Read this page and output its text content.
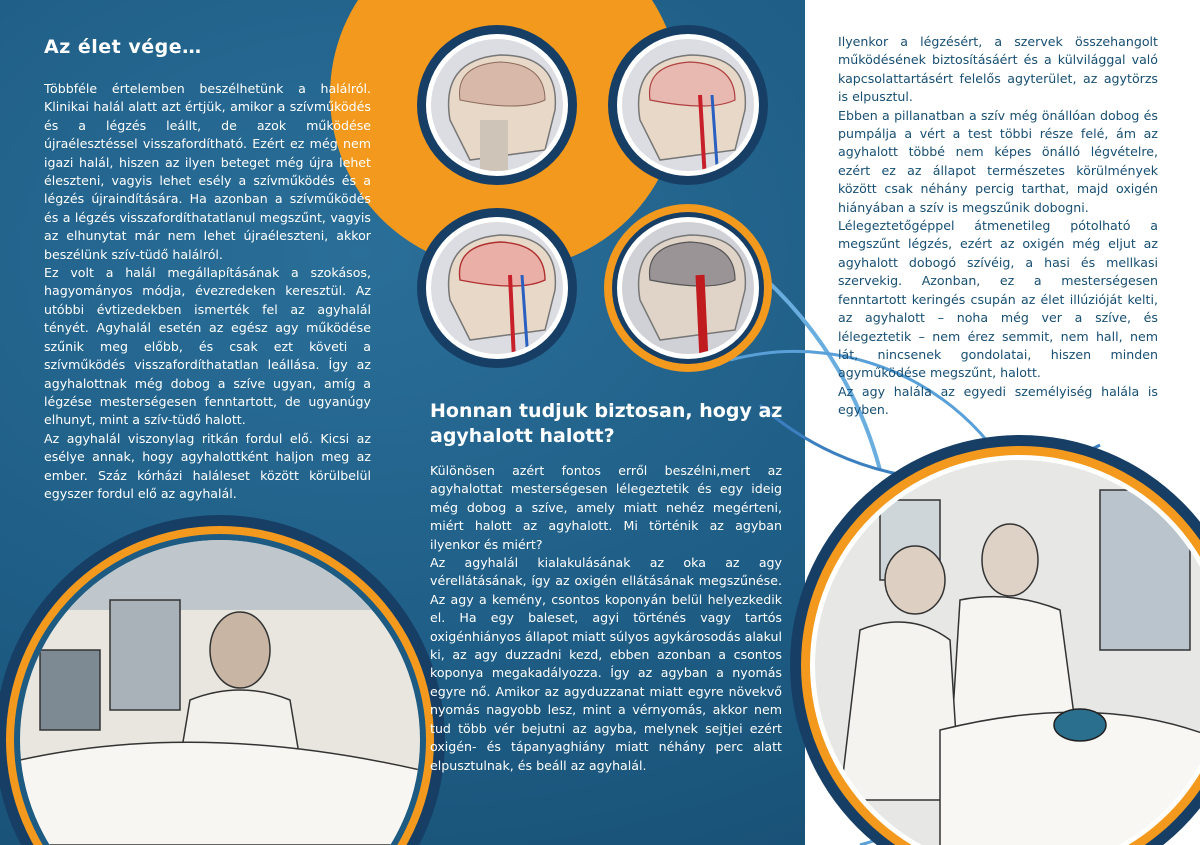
Az élet vége…

Többféle értelemben beszélhetünk a halálról. Klinikai halál alatt azt értjük, amikor a szívműködés és a légzés leállt, de azok működése újraélesztéssel visszafordítható. Ezért ez még nem igazi halál, hiszen az ilyen beteget még újra lehet éleszteni, vagyis lehet esély a szívműködés és a légzés újraindítására. Ha azonban a szívműködés és a légzés visszafordíthatatlanul megszűnt, vagyis az elhunytat már nem lehet újraéleszteni, akkor beszélünk szív-tüdő halálról.

Ez volt a halál megállapításának a szokásos, hagyományos módja, évezredeken keresztül. Az utóbbi évtizedekben ismerték fel az agyhalál tényét. Agyhalál esetén az egész agy működése szűnik meg előbb, és csak ezt követi a szívműködés visszafordíthatatlan leállása. Így az agyhalottnak még dobog a szíve ugyan, amíg a légzése mesterségesen fenntartott, de ugyanúgy elhunyt, mint a szív-tüdő halott.

Az agyhalál viszonylag ritkán fordul elő. Kicsi az esélye annak, hogy agyhalottként haljon meg az ember. Száz kórházi haláleset között körülbelül egyszer fordul elő az agyhalál.

Honnan tudjuk biztosan, hogy az agyhalott halott?

Különösen azért fontos erről beszélni,mert az agyhalottat mesterségesen lélegeztetik és egy ideig még dobog a szíve, amely miatt nehéz megérteni, miért halott az agyhalott. Mi történik az agyban ilyenkor és miért?

Az agyhalál kialakulásának az oka az agy vérellátásának, így az oxigén ellátásának megszűnése. Az agy a kemény, csontos koponyán belül helyezkedik el. Ha egy baleset, agyi történés vagy tartós oxigénhiányos állapot miatt súlyos agykárosodás alakul ki, az agy duzzadni kezd, ebben azonban a csontos koponya megakadályozza. Így az agyban a nyomás egyre nő. Amikor az agyduzzanat miatt egyre növekvő nyomás nagyobb lesz, mint a vérnyomás, akkor nem tud több vér bejutni az agyba, melynek sejtjei ezért oxigén- és tápanyaghiány miatt néhány perc alatt elpusztulnak, és beáll az agyhalál.

Ilyenkor a légzésért, a szervek összehangolt működésének biztosításáért és a külvilággal való kapcsolattartásért felelős agyterület, az agytörzs is elpusztul.

Ebben a pillanatban a szív még önállóan dobog és pumpálja a vért a test többi része felé, ám az agyhalott többé nem képes önálló légvételre, ezért ez az állapot természetes körülmények között csak néhány percig tarthat, majd oxigén hiányában a szív is megszűnik dobogni.

Lélegeztetőgéppel átmenetileg pótolható a megszűnt légzés, ezért az oxigén még eljut az agyhalott dobogó szívéig, a hasi és mellkasi szervekig. Azonban, ez a mesterségesen fenntartott keringés csupán az élet illúzióját kelti, az agyhalott – noha még ver a szíve, és lélegeztetik – nem érez semmit, nem hall, nem lát, nincsenek gondolatai, hiszen minden agyműködése megszűnt, halott.

Az agy halála az egyedi személyiség halála is egyben.
